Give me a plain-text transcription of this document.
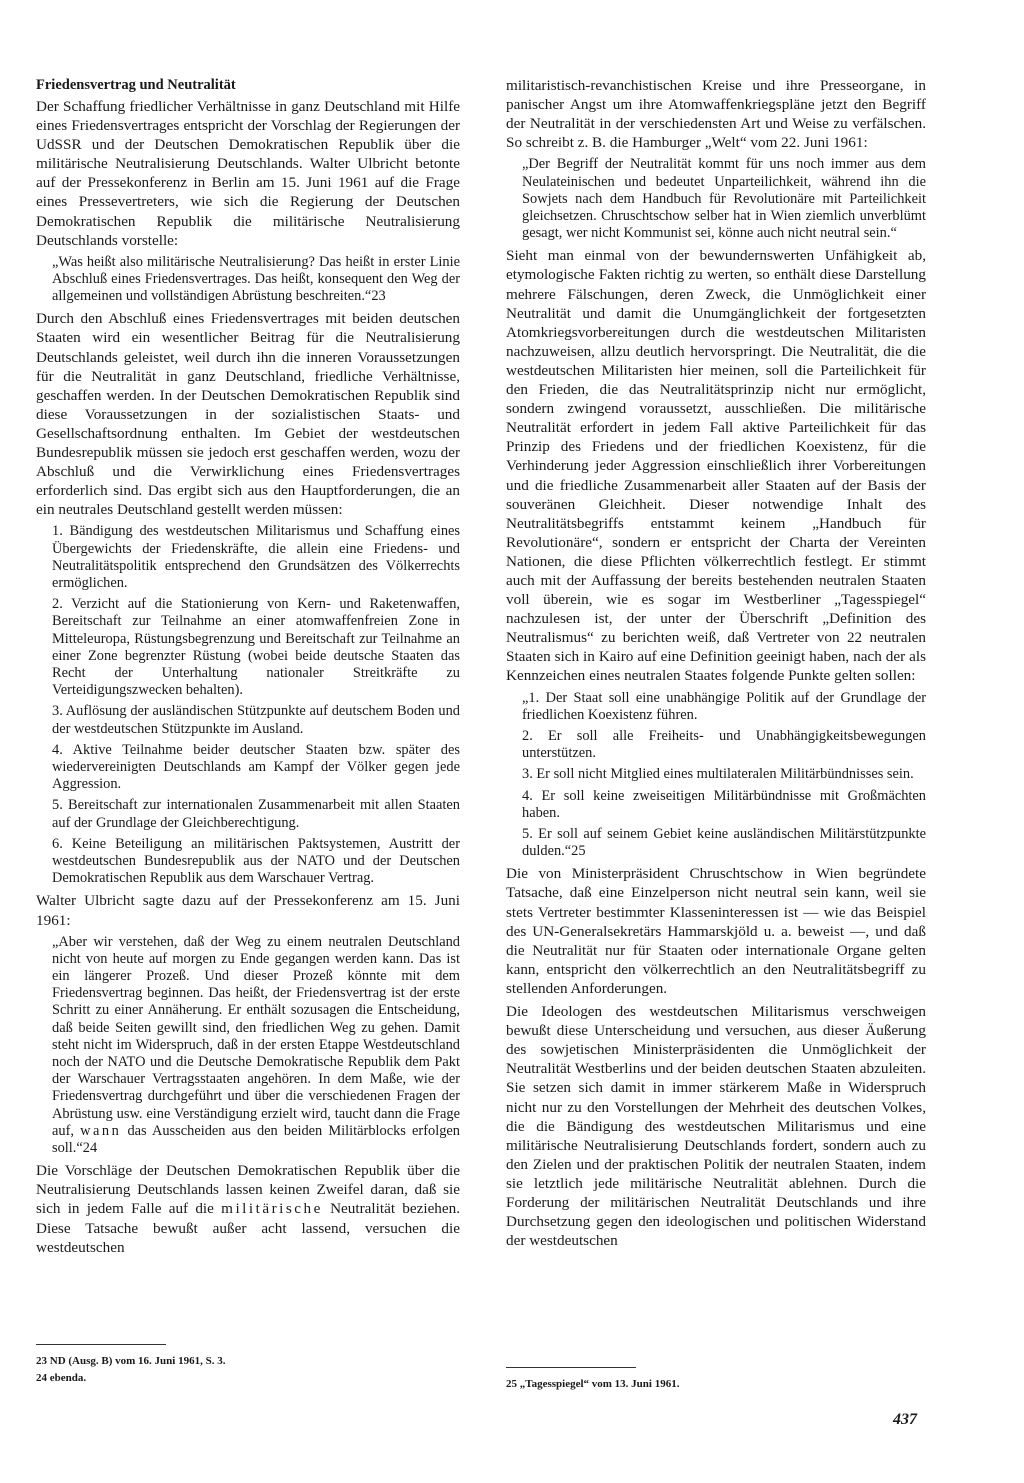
Friedensvertrag und Neutralität

Der Schaffung friedlicher Verhältnisse in ganz Deutschland mit Hilfe eines Friedensvertrages entspricht der Vorschlag der Regierungen der UdSSR und der Deutschen Demokratischen Republik über die militärische Neutralisierung Deutschlands. Walter Ulbricht betonte auf der Pressekonferenz in Berlin am 15. Juni 1961 auf die Frage eines Pressevertreters, wie sich die Regierung der Deutschen Demokratischen Republik die militärische Neutralisierung Deutschlands vorstelle:

„Was heißt also militärische Neutralisierung? Das heißt in erster Linie Abschluß eines Friedensvertrages. Das heißt, konsequent den Weg der allgemeinen und vollständigen Abrüstung beschreiten.“23

Durch den Abschluß eines Friedensvertrages mit beiden deutschen Staaten wird ein wesentlicher Beitrag für die Neutralisierung Deutschlands geleistet, weil durch ihn die inneren Voraussetzungen für die Neutralität in ganz Deutschland, friedliche Verhältnisse, geschaffen werden. In der Deutschen Demokratischen Republik sind diese Voraussetzungen in der sozialistischen Staats- und Gesellschaftsordnung enthalten. Im Gebiet der westdeutschen Bundesrepublik müssen sie jedoch erst geschaffen werden, wozu der Abschluß und die Verwirklichung eines Friedensvertrages erforderlich sind. Das ergibt sich aus den Hauptforderungen, die an ein neutrales Deutschland gestellt werden müssen:

1. Bändigung des westdeutschen Militarismus und Schaffung eines Übergewichts der Friedenskräfte, die allein eine Friedens- und Neutralitätspolitik entsprechend den Grundsätzen des Völkerrechts ermöglichen.

2. Verzicht auf die Stationierung von Kern- und Raketenwaffen, Bereitschaft zur Teilnahme an einer atomwaffenfreien Zone in Mitteleuropa, Rüstungsbegrenzung und Bereitschaft zur Teilnahme an einer Zone begrenzter Rüstung (wobei beide deutsche Staaten das Recht der Unterhaltung nationaler Streitkräfte zu Verteidigungszwecken behalten).

3. Auflösung der ausländischen Stützpunkte auf deutschem Boden und der westdeutschen Stützpunkte im Ausland.

4. Aktive Teilnahme beider deutscher Staaten bzw. später des wiedervereinigten Deutschlands am Kampf der Völker gegen jede Aggression.

5. Bereitschaft zur internationalen Zusammenarbeit mit allen Staaten auf der Grundlage der Gleichberechtigung.

6. Keine Beteiligung an militärischen Paktsystemen, Austritt der westdeutschen Bundesrepublik aus der NATO und der Deutschen Demokratischen Republik aus dem Warschauer Vertrag.

Walter Ulbricht sagte dazu auf der Pressekonferenz am 15. Juni 1961:

„Aber wir verstehen, daß der Weg zu einem neutralen Deutschland nicht von heute auf morgen zu Ende gegangen werden kann. Das ist ein längerer Prozeß. Und dieser Prozeß könnte mit dem Friedensvertrag beginnen. Das heißt, der Friedensvertrag ist der erste Schritt zu einer Annäherung. Er enthält sozusagen die Entscheidung, daß beide Seiten gewillt sind, den friedlichen Weg zu gehen. Damit steht nicht im Widerspruch, daß in der ersten Etappe Westdeutschland noch der NATO und die Deutsche Demokratische Republik dem Pakt der Warschauer Vertragsstaaten angehören. In dem Maße, wie der Friedensvertrag durchgeführt und über die verschiedenen Fragen der Abrüstung usw. eine Verständigung erzielt wird, taucht dann die Frage auf, wann das Ausscheiden aus den beiden Militärblocks erfolgen soll.“24

Die Vorschläge der Deutschen Demokratischen Republik über die Neutralisierung Deutschlands lassen keinen Zweifel daran, daß sie sich in jedem Falle auf die militärische Neutralität beziehen. Diese Tatsache bewußt außer acht lassend, versuchen die westdeutschen

militaristisch-revanchistischen Kreise und ihre Presseorgane, in panischer Angst um ihre Atomwaffenkriegspläne jetzt den Begriff der Neutralität in der verschiedensten Art und Weise zu verfälschen. So schreibt z. B. die Hamburger „Welt“ vom 22. Juni 1961:

„Der Begriff der Neutralität kommt für uns noch immer aus dem Neulateinischen und bedeutet Unparteilichkeit, während ihn die Sowjets nach dem Handbuch für Revolutionäre mit Parteilichkeit gleichsetzen. Chruschtschow selber hat in Wien ziemlich unverblümt gesagt, wer nicht Kommunist sei, könne auch nicht neutral sein.“

Sieht man einmal von der bewundernswerten Unfähigkeit ab, etymologische Fakten richtig zu werten, so enthält diese Darstellung mehrere Fälschungen, deren Zweck, die Unmöglichkeit einer Neutralität und damit die Unumgänglichkeit der fortgesetzten Atomkriegsvorbereitungen durch die westdeutschen Militaristen nachzuweisen, allzu deutlich hervorspringt. Die Neutralität, die die westdeutschen Militaristen hier meinen, soll die Parteilichkeit für den Frieden, die das Neutralitätsprinzip nicht nur ermöglicht, sondern zwingend voraussetzt, ausschließen. Die militärische Neutralität erfordert in jedem Fall aktive Parteilichkeit für das Prinzip des Friedens und der friedlichen Koexistenz, für die Verhinderung jeder Aggression einschließlich ihrer Vorbereitungen und die friedliche Zusammenarbeit aller Staaten auf der Basis der souveränen Gleichheit. Dieser notwendige Inhalt des Neutralitätsbegriffs entstammt keinem „Handbuch für Revolutionäre“, sondern er entspricht der Charta der Vereinten Nationen, die diese Pflichten völkerrechtlich festlegt. Er stimmt auch mit der Auffassung der bereits bestehenden neutralen Staaten voll überein, wie es sogar im Westberliner „Tagesspiegel“ nachzulesen ist, der unter der Überschrift „Definition des Neutralismus“ zu berichten weiß, daß Vertreter von 22 neutralen Staaten sich in Kairo auf eine Definition geeinigt haben, nach der als Kennzeichen eines neutralen Staates folgende Punkte gelten sollen:

„1. Der Staat soll eine unabhängige Politik auf der Grundlage der friedlichen Koexistenz führen.

2. Er soll alle Freiheits- und Unabhängigkeitsbewegungen unterstützen.

3. Er soll nicht Mitglied eines multilateralen Militärbündnisses sein.

4. Er soll keine zweiseitigen Militärbündnisse mit Großmächten haben.

5. Er soll auf seinem Gebiet keine ausländischen Militärstützpunkte dulden.“25

Die von Ministerpräsident Chruschtschow in Wien begründete Tatsache, daß eine Einzelperson nicht neutral sein kann, weil sie stets Vertreter bestimmter Klasseninteressen ist — wie das Beispiel des UN-Generalsekretärs Hammarskjöld u. a. beweist —, und daß die Neutralität nur für Staaten oder internationale Organe gelten kann, entspricht den völkerrechtlich an den Neutralitätsbegriff zu stellenden Anforderungen.

Die Ideologen des westdeutschen Militarismus verschweigen bewußt diese Unterscheidung und versuchen, aus dieser Äußerung des sowjetischen Ministerpräsidenten die Unmöglichkeit der Neutralität Westberlins und der beiden deutschen Staaten abzuleiten. Sie setzen sich damit in immer stärkerem Maße in Widerspruch nicht nur zu den Vorstellungen der Mehrheit des deutschen Volkes, die die Bändigung des westdeutschen Militarismus und eine militärische Neutralisierung Deutschlands fordert, sondern auch zu den Zielen und der praktischen Politik der neutralen Staaten, indem sie letztlich jede militärische Neutralität ablehnen. Durch die Forderung der militärischen Neutralität Deutschlands und ihre Durchsetzung gegen den ideologischen und politischen Widerstand der westdeutschen

23 ND (Ausg. B) vom 16. Juni 1961, S. 3.
24 ebenda.	25 „Tagesspiegel“ vom 13. Juni 1961.
437
